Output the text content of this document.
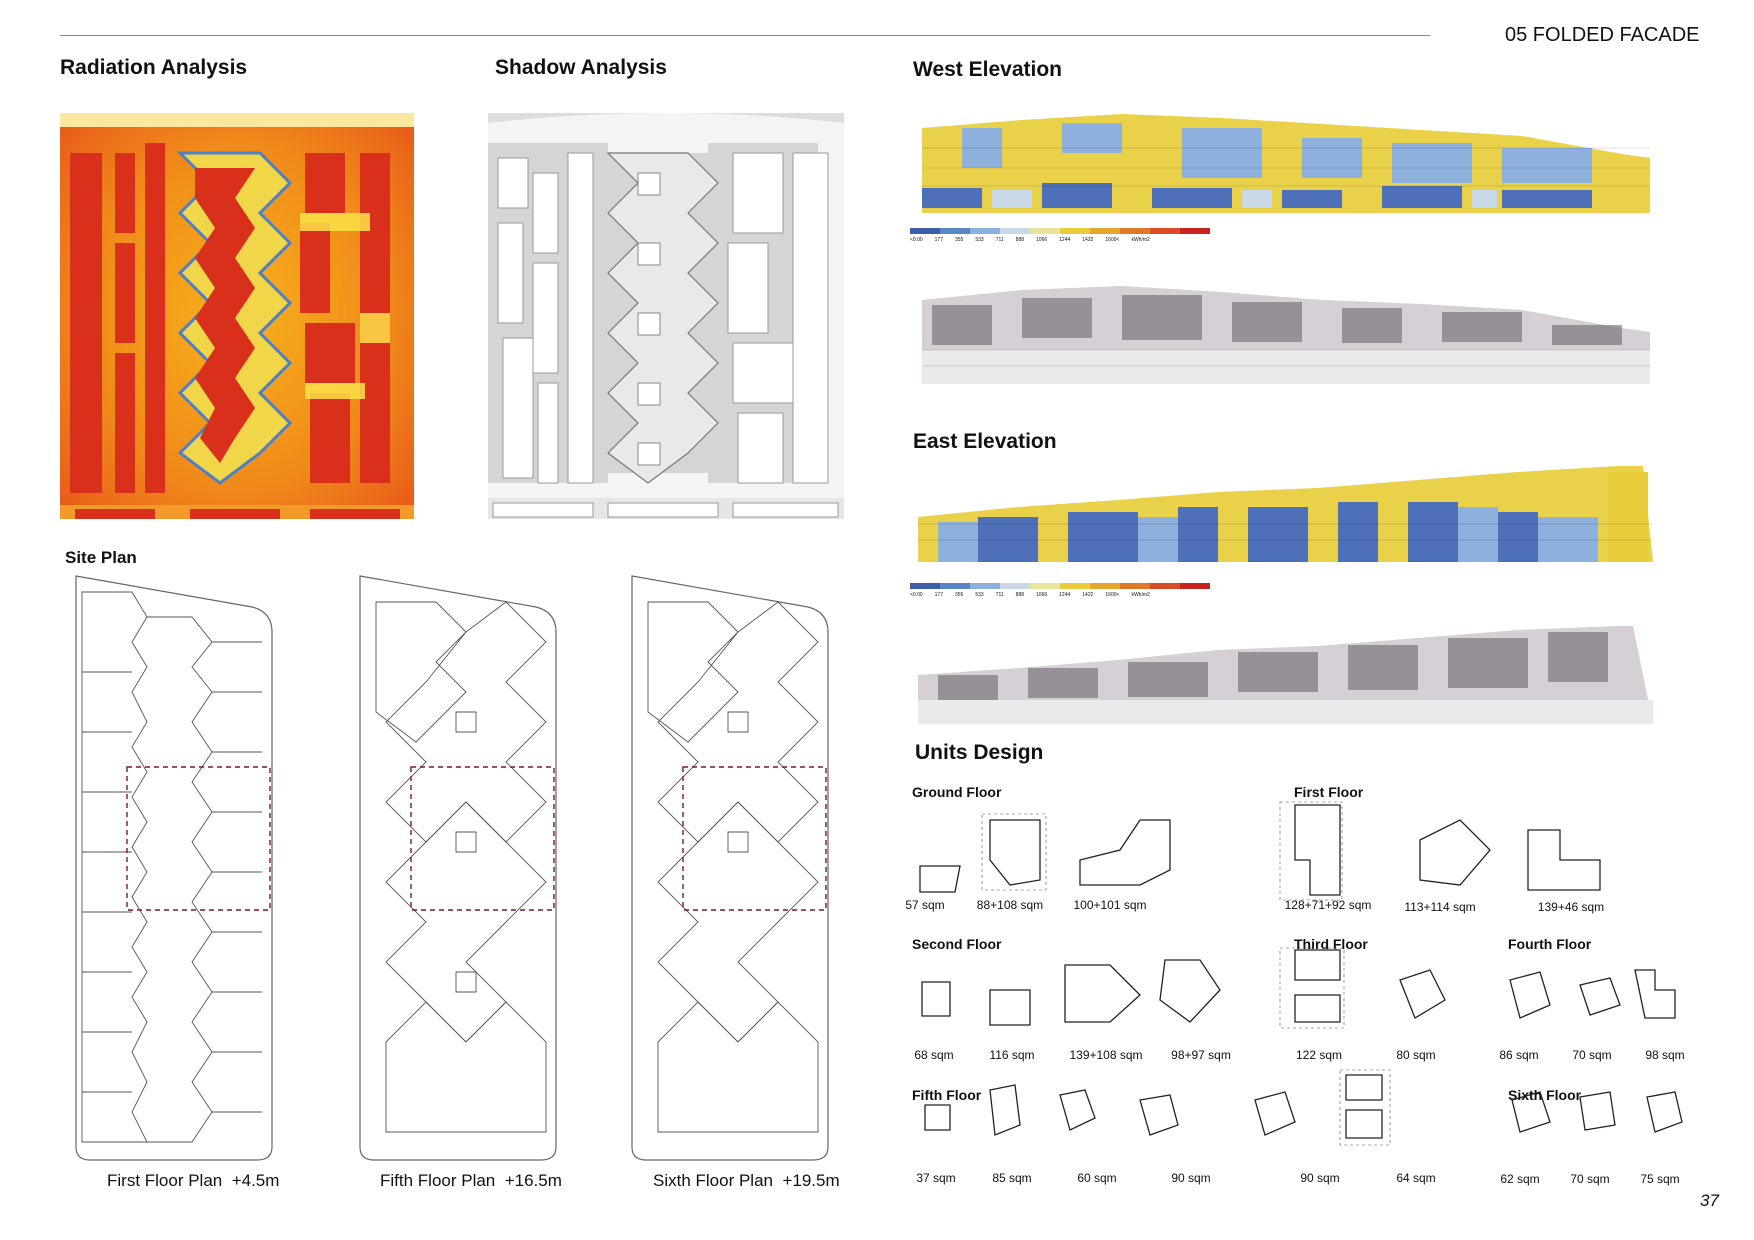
05 FOLDED FACADE
Radiation Analysis	Shadow Analysis	West Elevation
East Elevation
Site Plan
Units Design
<0.00 177 355 533 711 888 1066 1244 1422 1600< kWh/m2
<0.00 177 355 533 711 888 1066 1244 1422 1600< kWh/m2
First Floor Plan +4.5m	Fifth Floor Plan +16.5m	Sixth Floor Plan +19.5m
Ground Floor	First Floor
Second Floor	Third Floor	Fourth Floor
Fifth Floor	Sixth Floor
57 sqm	88+108 sqm	100+101 sqm	128+71+92 sqm	113+114 sqm	139+46 sqm
68 sqm	116 sqm	139+108 sqm	98+97 sqm	122 sqm	80 sqm	86 sqm	70 sqm	98 sqm
37 sqm	85 sqm	60 sqm	90 sqm	90 sqm	64 sqm	62 sqm	70 sqm	75 sqm
37
